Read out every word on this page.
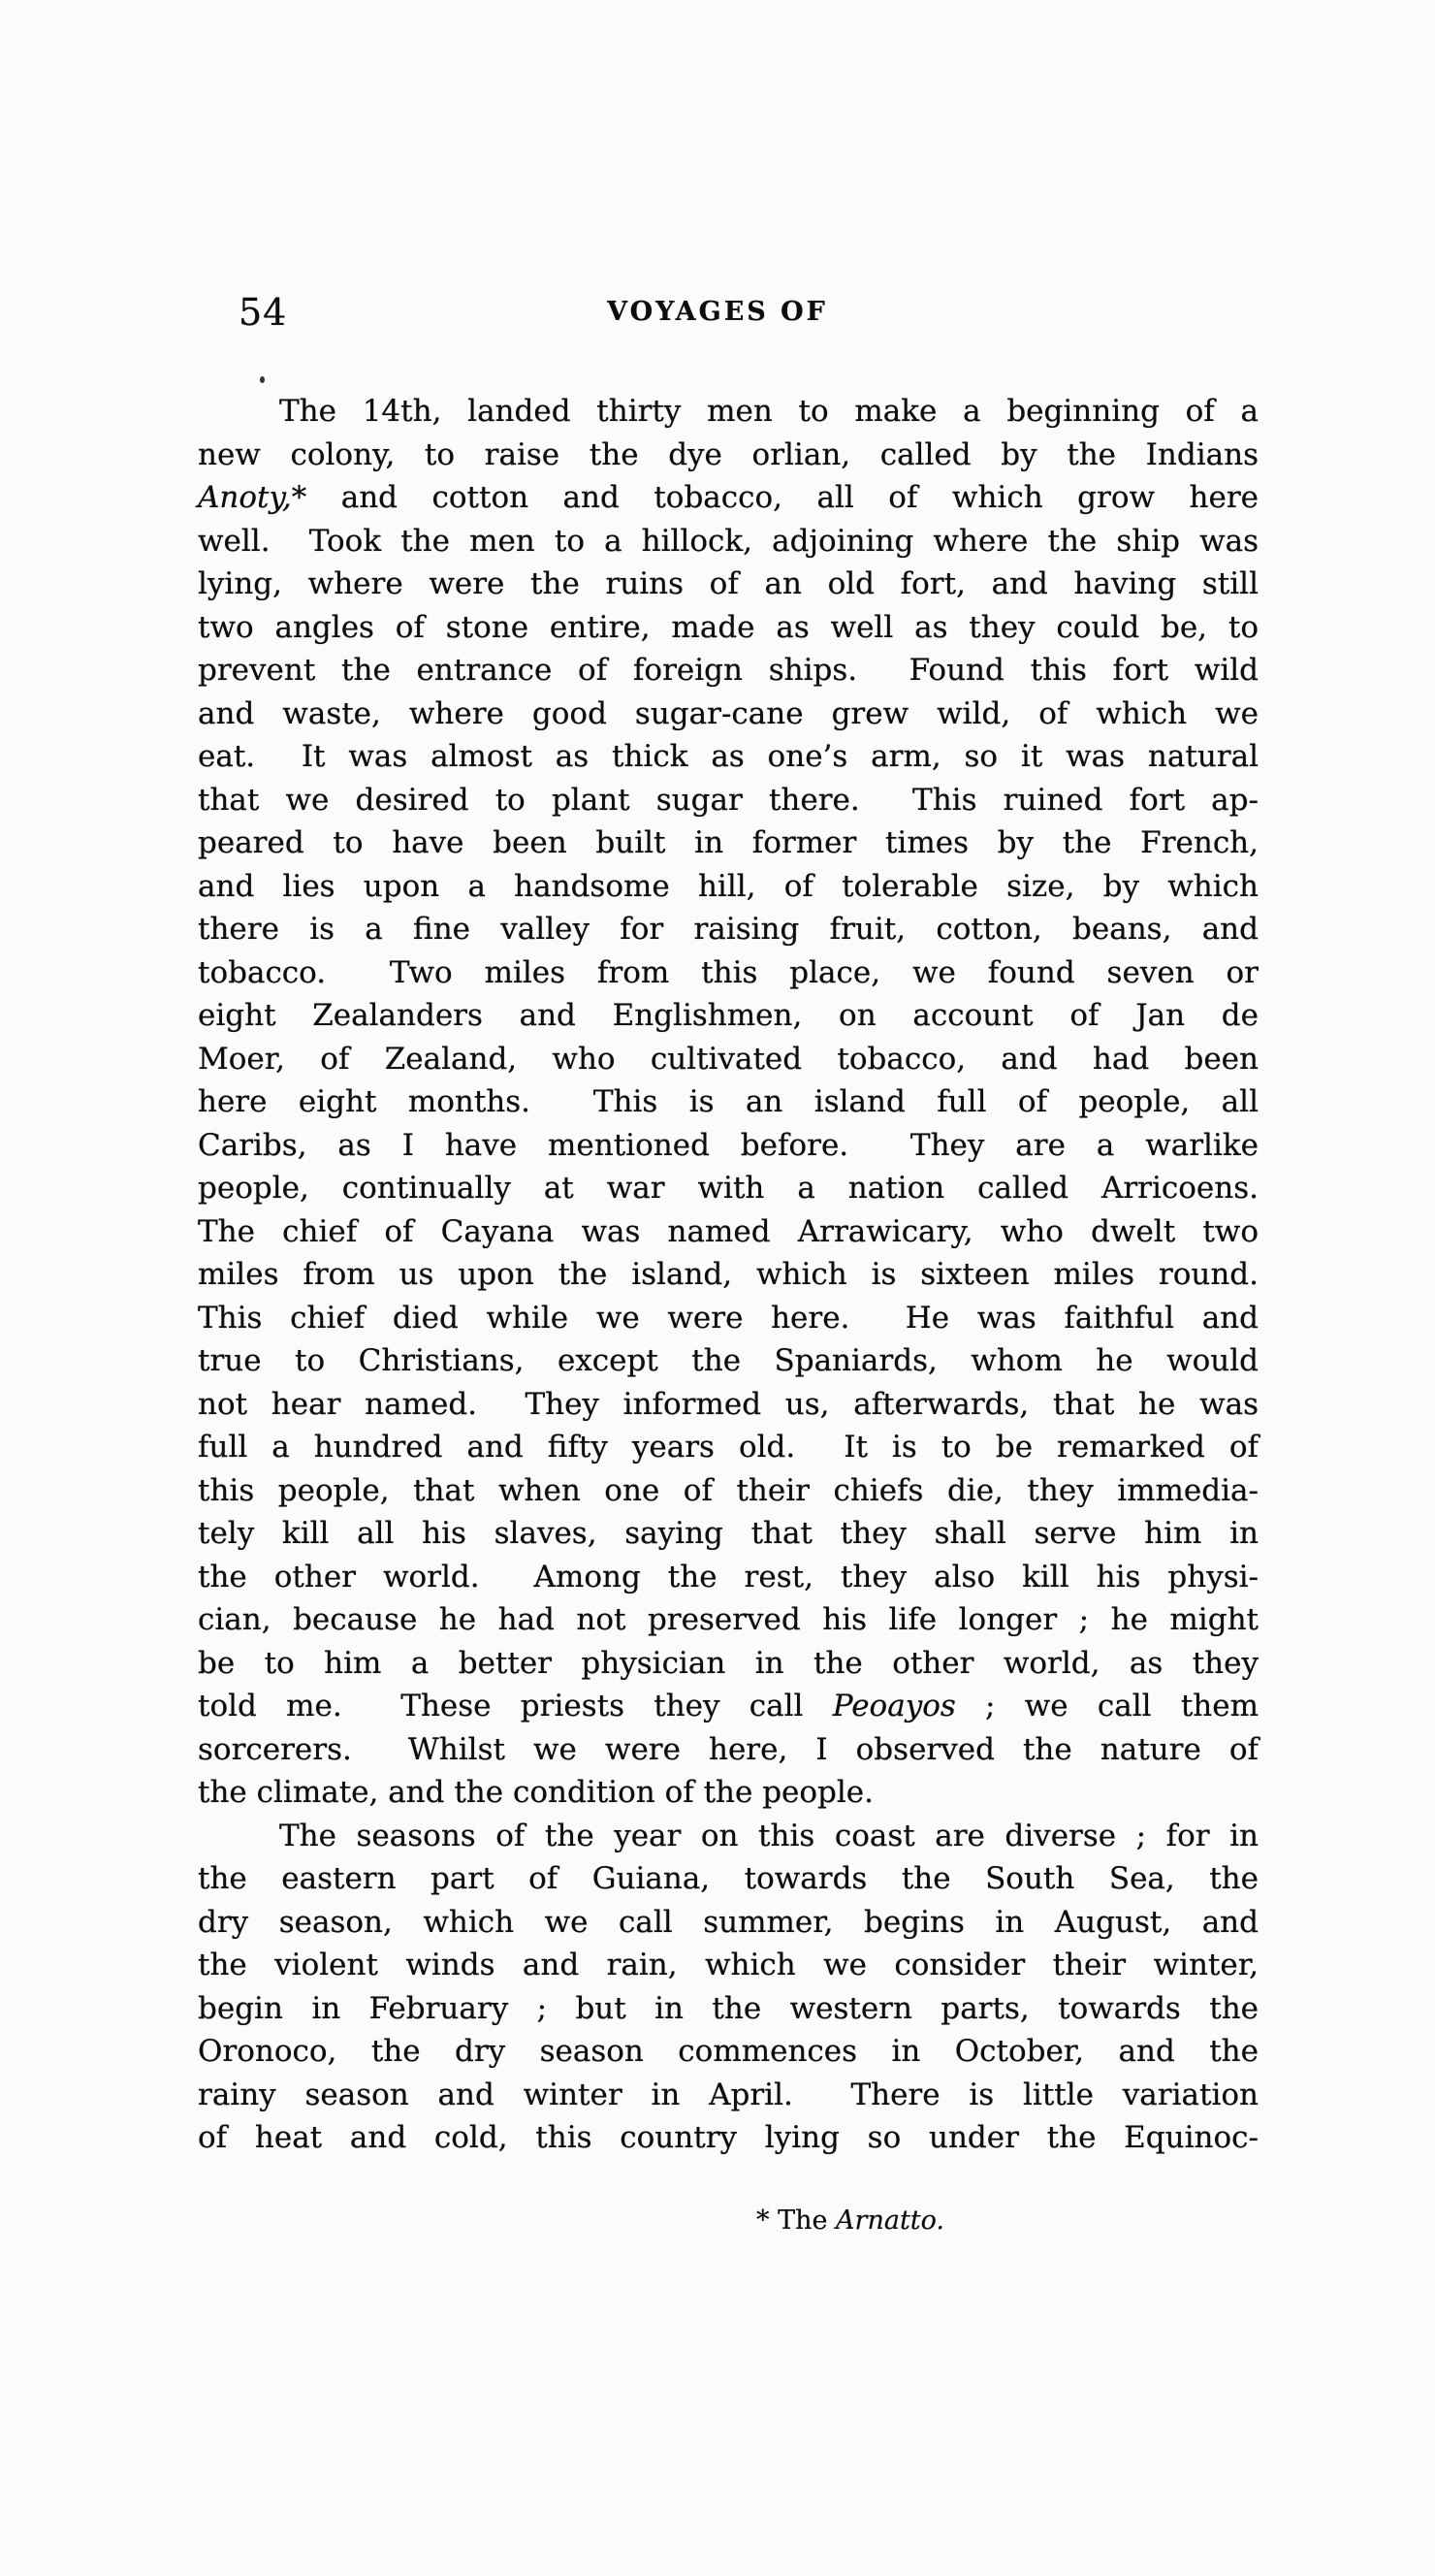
54	VOYAGES OF
The 14th, landed thirty men to make a beginning of a
new colony, to raise the dye orlian, called by the Indians
Anoty,* and cotton and tobacco, all of which grow here
well.  Took the men to a hillock, adjoining where the ship was
lying, where were the ruins of an old fort, and having still
two angles of stone entire, made as well as they could be, to
prevent the entrance of foreign ships.  Found this fort wild
and waste, where good sugar-cane grew wild, of which we
eat.  It was almost as thick as one’s arm, so it was natural
that we desired to plant sugar there.  This ruined fort ap-
peared to have been built in former times by the French,
and lies upon a handsome hill, of tolerable size, by which
there is a fine valley for raising fruit, cotton, beans, and
tobacco.  Two miles from this place, we found seven or
eight Zealanders and Englishmen, on account of Jan de
Moer, of Zealand, who cultivated tobacco, and had been
here eight months.  This is an island full of people, all
Caribs, as I have mentioned before.  They are a warlike
people, continually at war with a nation called Arricoens.
The chief of Cayana was named Arrawicary, who dwelt two
miles from us upon the island, which is sixteen miles round.
This chief died while we were here.  He was faithful and
true to Christians, except the Spaniards, whom he would
not hear named.  They informed us, afterwards, that he was
full a hundred and fifty years old.  It is to be remarked of
this people, that when one of their chiefs die, they immedia-
tely kill all his slaves, saying that they shall serve him in
the other world.  Among the rest, they also kill his physi-
cian, because he had not preserved his life longer ; he might
be to him a better physician in the other world, as they
told me.  These priests they call Peoayos ; we call them
sorcerers.  Whilst we were here, I observed the nature of
the climate, and the condition of the people.
The seasons of the year on this coast are diverse ; for in
the eastern part of Guiana, towards the South Sea, the
dry season, which we call summer, begins in August, and
the violent winds and rain, which we consider their winter,
begin in February ; but in the western parts, towards the
Oronoco, the dry season commences in October, and the
rainy season and winter in April.  There is little variation
of heat and cold, this country lying so under the Equinoc-
* The Arnatto.
